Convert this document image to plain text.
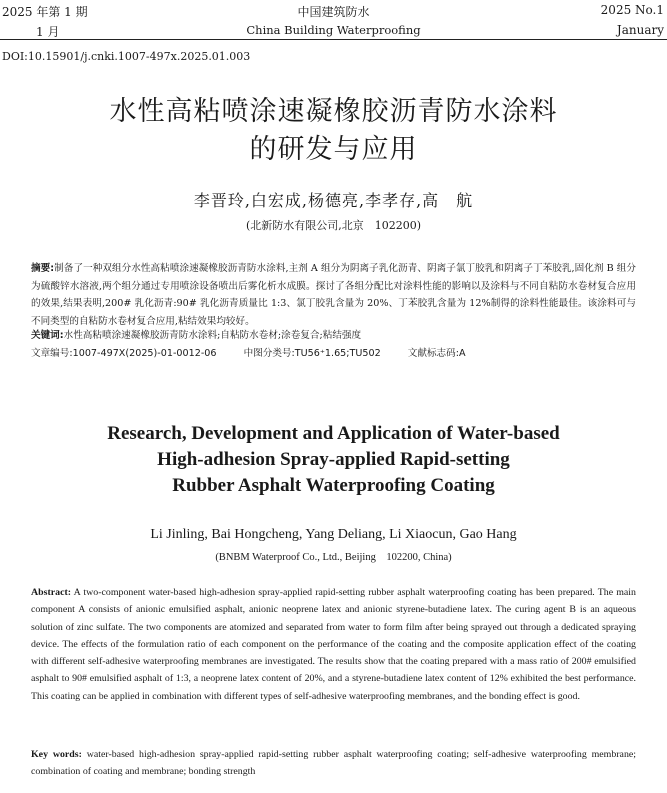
2025 年第 1 期
1 月
中国建筑防水
China Building Waterproofing
2025 No.1
January
DOI:10.15901/j.cnki.1007-497x.2025.01.003
水性高粘喷涂速凝橡胶沥青防水涂料
的研发与应用
李晋玲,白宏成,杨德亮,李孝存,高　航
(北新防水有限公司,北京　102200)
摘要:制备了一种双组分水性高粘喷涂速凝橡胶沥青防水涂料,主剂 A 组分为阴离子乳化沥青、阴离子氯丁胶乳和阴离子丁苯胶乳,固化剂 B 组分为硫酸锌水溶液,两个组分通过专用喷涂设备喷出后雾化析水成膜。探讨了各组分配比对涂料性能的影响以及涂料与不同自粘防水卷材复合应用的效果,结果表明,200# 乳化沥青:90# 乳化沥青质量比 1:3、氯丁胶乳含量为 20%、丁苯胶乳含量为 12%制得的涂料性能最佳。该涂料可与不同类型的自粘防水卷材复合应用,粘结效果均较好。
关键词:水性高粘喷涂速凝橡胶沥青防水涂料;自粘防水卷材;涂卷复合;粘结强度
文章编号:1007-497X(2025)-01-0012-06	中图分类号:TU56⁺1.65;TU502	文献标志码:A
Research, Development and Application of Water-based
High-adhesion Spray-applied Rapid-setting
Rubber Asphalt Waterproofing Coating
Li Jinling, Bai Hongcheng, Yang Deliang, Li Xiaocun, Gao Hang
(BNBM Waterproof Co., Ltd., Beijing　102200, China)
Abstract: A two-component water-based high-adhesion spray-applied rapid-setting rubber asphalt waterproofing coating has been prepared. The main component A consists of anionic emulsified asphalt, anionic neoprene latex and anionic styrene-butadiene latex. The curing agent B is an aqueous solution of zinc sulfate. The two components are atomized and separated from water to form film after being sprayed out through a dedicated spraying device. The effects of the formulation ratio of each component on the performance of the coating and the composite application effect of the coating with different self-adhesive waterproofing membranes are investigated. The results show that the coating prepared with a mass ratio of 200# emulsified asphalt to 90# emulsified asphalt of 1:3, a neoprene latex content of 20%, and a styrene-butadiene latex content of 12% exhibited the best performance. This coating can be applied in combination with different types of self-adhesive waterproofing membranes, and the bonding effect is good.
Key words: water-based high-adhesion spray-applied rapid-setting rubber asphalt waterproofing coating; self-adhesive waterproofing membrane; combination of coating and membrane; bonding strength
